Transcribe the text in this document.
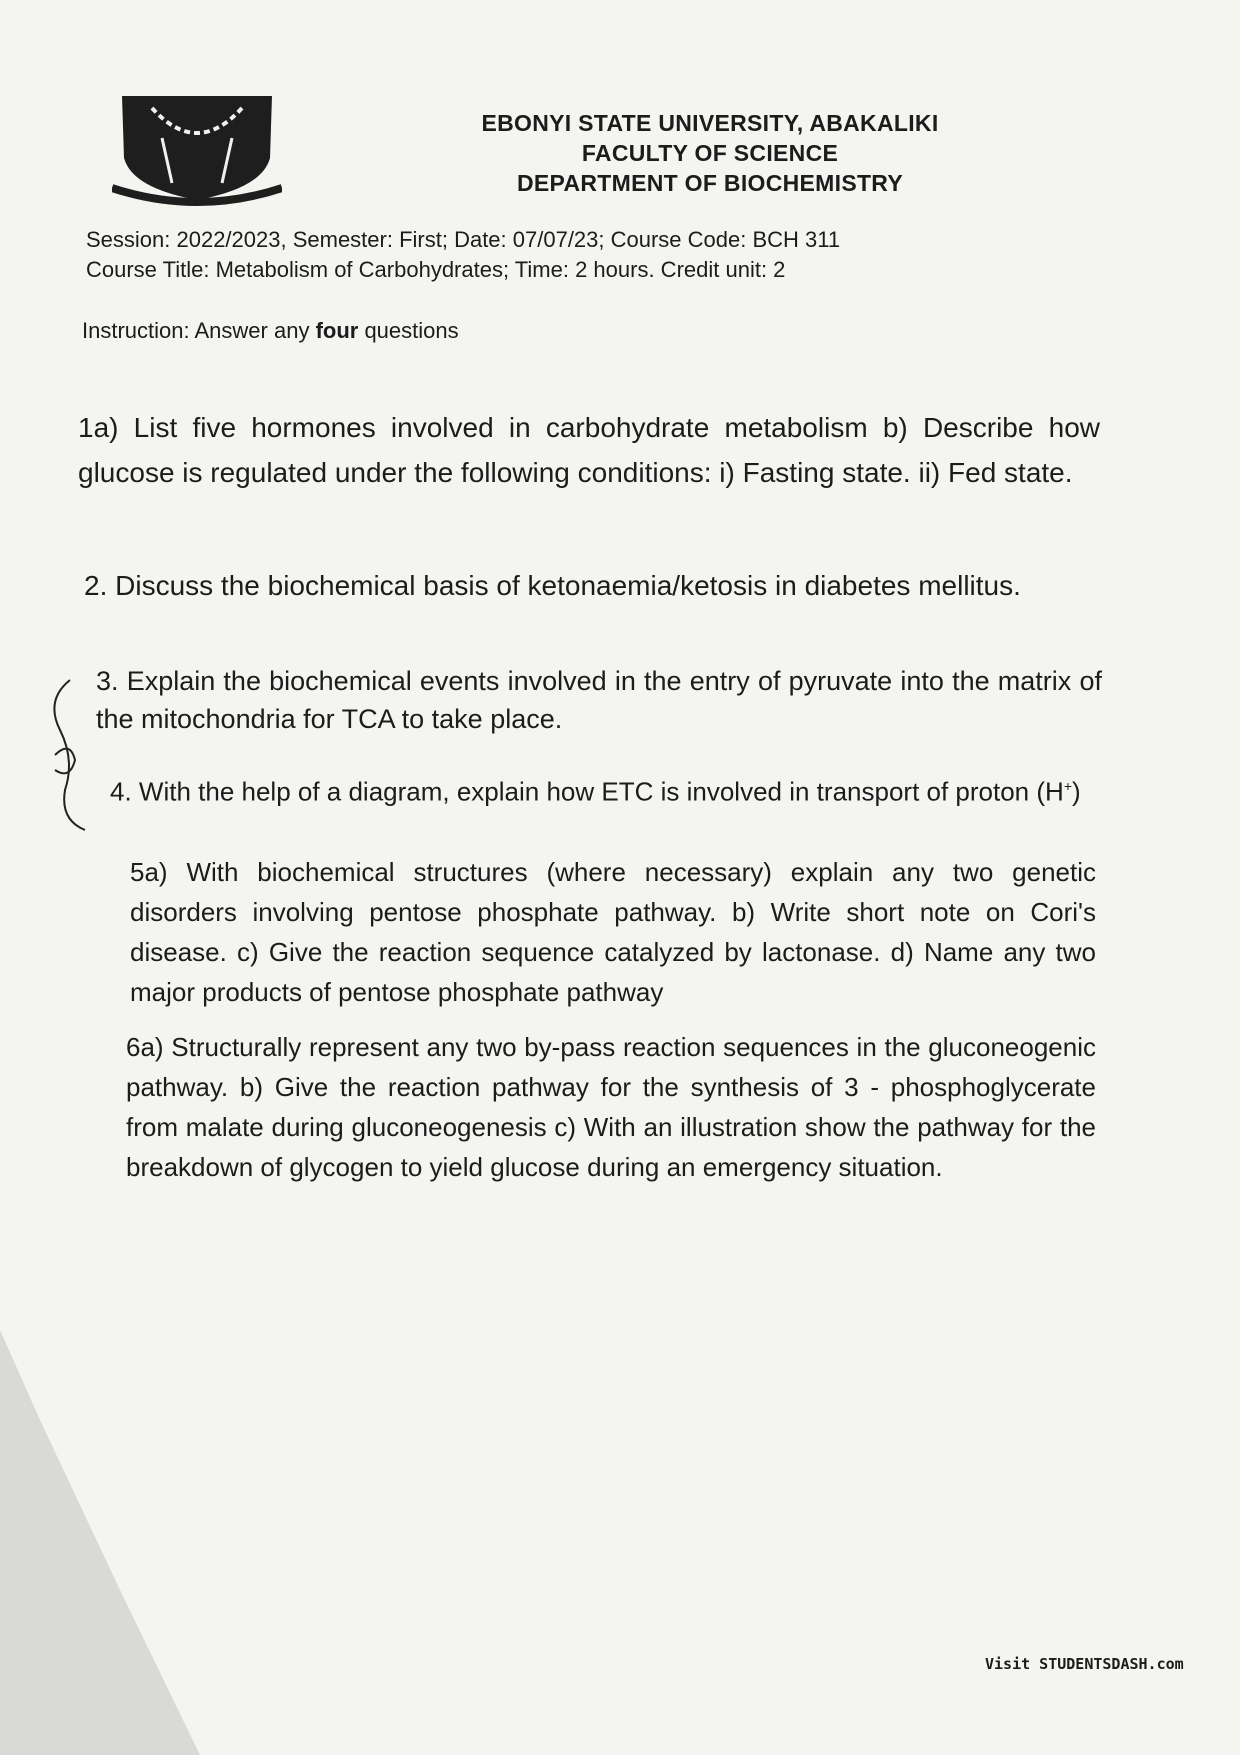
EBONYI STATE UNIVERSITY, ABAKALIKI
FACULTY OF SCIENCE
DEPARTMENT OF BIOCHEMISTRY
Session: 2022/2023, Semester: First; Date: 07/07/23; Course Code: BCH 311
Course Title: Metabolism of Carbohydrates; Time: 2 hours. Credit unit: 2
Instruction: Answer any four questions
1a) List five hormones involved in carbohydrate metabolism b) Describe how glucose is regulated under the following conditions: i) Fasting state. ii) Fed state.
2. Discuss the biochemical basis of ketonaemia/ketosis in diabetes mellitus.
3. Explain the biochemical events involved in the entry of pyruvate into the matrix of the mitochondria for TCA to take place.
4. With the help of a diagram, explain how ETC is involved in transport of proton (H+)
5a) With biochemical structures (where necessary) explain any two genetic disorders involving pentose phosphate pathway. b) Write short note on Cori's disease. c) Give the reaction sequence catalyzed by lactonase. d) Name any two major products of pentose phosphate pathway
6a) Structurally represent any two by-pass reaction sequences in the gluconeogenic pathway. b) Give the reaction pathway for the synthesis of 3 - phosphoglycerate from malate during gluconeogenesis c) With an illustration show the pathway for the breakdown of glycogen to yield glucose during an emergency situation.
Visit STUDENTSDASH.com
